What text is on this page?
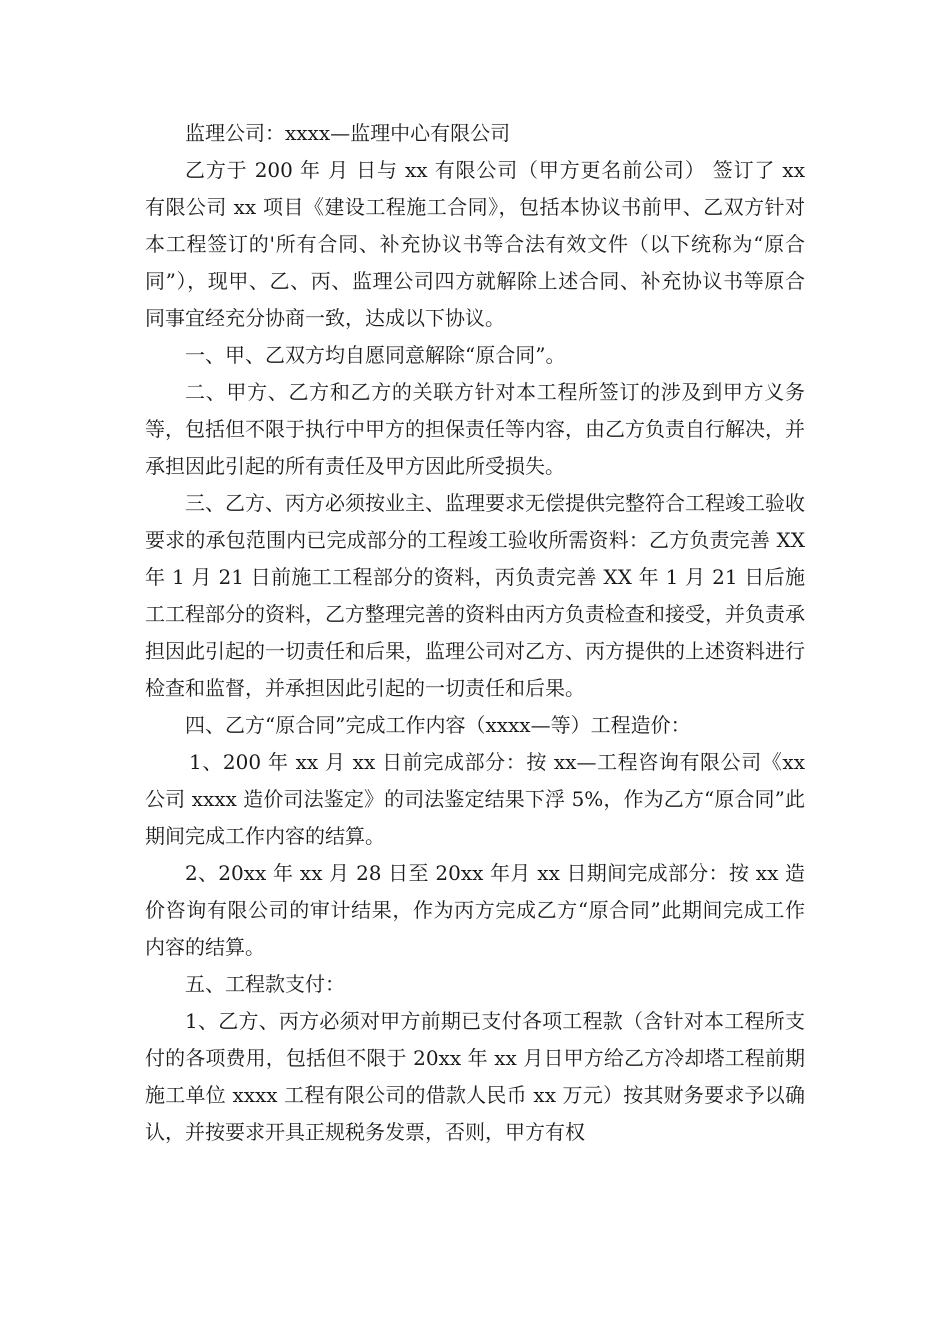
监理公司：xxxx—监理中心有限公司

乙方于 200 年 月 日与 xx 有限公司（甲方更名前公司） 签订了 xx 有限公司 xx 项目《建设工程施工合同》，包括本协议书前甲、乙双方针对本工程签订的'所有合同、补充协议书等合法有效文件（以下统称为“原合同”），现甲、乙、丙、监理公司四方就解除上述合同、补充协议书等原合同事宜经充分协商一致，达成以下协议。

一、甲、乙双方均自愿同意解除“原合同”。

二、甲方、乙方和乙方的关联方针对本工程所签订的涉及到甲方义务等，包括但不限于执行中甲方的担保责任等内容，由乙方负责自行解决，并承担因此引起的所有责任及甲方因此所受损失。

三、乙方、丙方必须按业主、监理要求无偿提供完整符合工程竣工验收要求的承包范围内已完成部分的工程竣工验收所需资料：乙方负责完善 XX 年 1 月 21 日前施工工程部分的资料，丙负责完善 XX 年 1 月 21 日后施工工程部分的资料，乙方整理完善的资料由丙方负责检查和接受，并负责承担因此引起的一切责任和后果，监理公司对乙方、丙方提供的上述资料进行检查和监督，并承担因此引起的一切责任和后果。

四、乙方“原合同”完成工作内容（xxxx—等）工程造价：

1、200 年 xx 月 xx 日前完成部分：按 xx—工程咨询有限公司《xx 公司 xxxx 造价司法鉴定》的司法鉴定结果下浮 5%，作为乙方“原合同”此期间完成工作内容的结算。

2、20xx 年 xx 月 28 日至 20xx 年月 xx 日期间完成部分：按 xx 造价咨询有限公司的审计结果，作为丙方完成乙方“原合同”此期间完成工作内容的结算。

五、工程款支付：

1、乙方、丙方必须对甲方前期已支付各项工程款（含针对本工程所支付的各项费用，包括但不限于 20xx 年 xx 月日甲方给乙方冷却塔工程前期施工单位 xxxx 工程有限公司的借款人民币 xx 万元）按其财务要求予以确认，并按要求开具正规税务发票，否则，甲方有权
